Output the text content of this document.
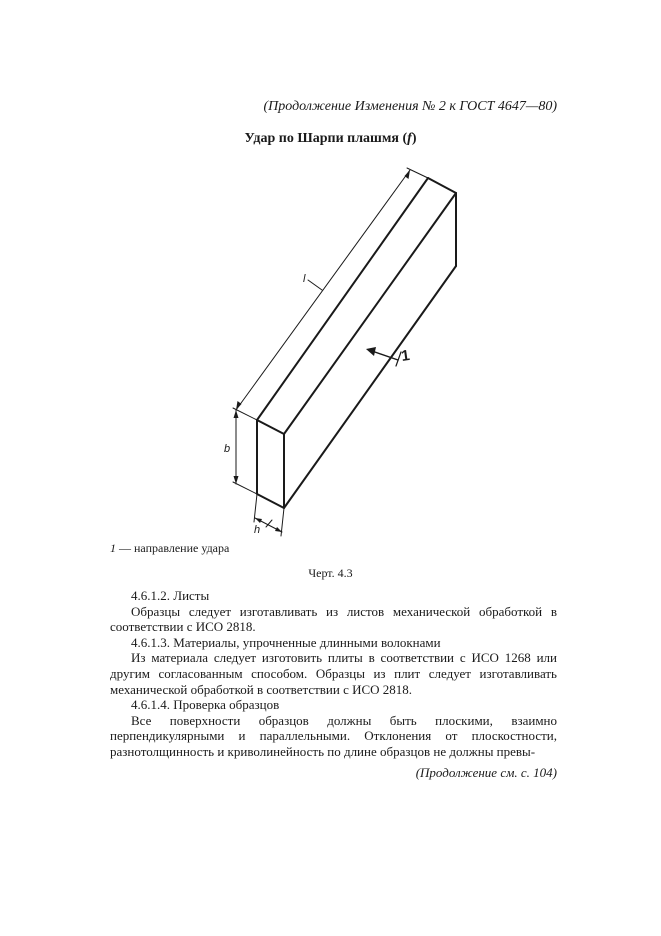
(Продолжение Изменения № 2 к ГОСТ 4647—80)
Удар по Шарпи плашмя (f)
l
b
h
1
1 — направление удара
Черт. 4.3

4.6.1.2. Листы

Образцы следует изготавливать из листов механической обработкой в соответствии с ИСО 2818.

4.6.1.3. Материалы, упрочненные длинными волокнами

Из материала следует изготовить плиты в соответствии с ИСО 1268 или другим согласованным способом. Образцы из плит следует изготавливать механической обработкой в соответствии с ИСО 2818.

4.6.1.4. Проверка образцов

Все поверхности образцов должны быть плоскими, взаимно перпендикулярными и параллельными. Отклонения от плоскостности, разнотолщинность и криволинейность по длине образцов не должны превы-

(Продолжение см. с. 104)
